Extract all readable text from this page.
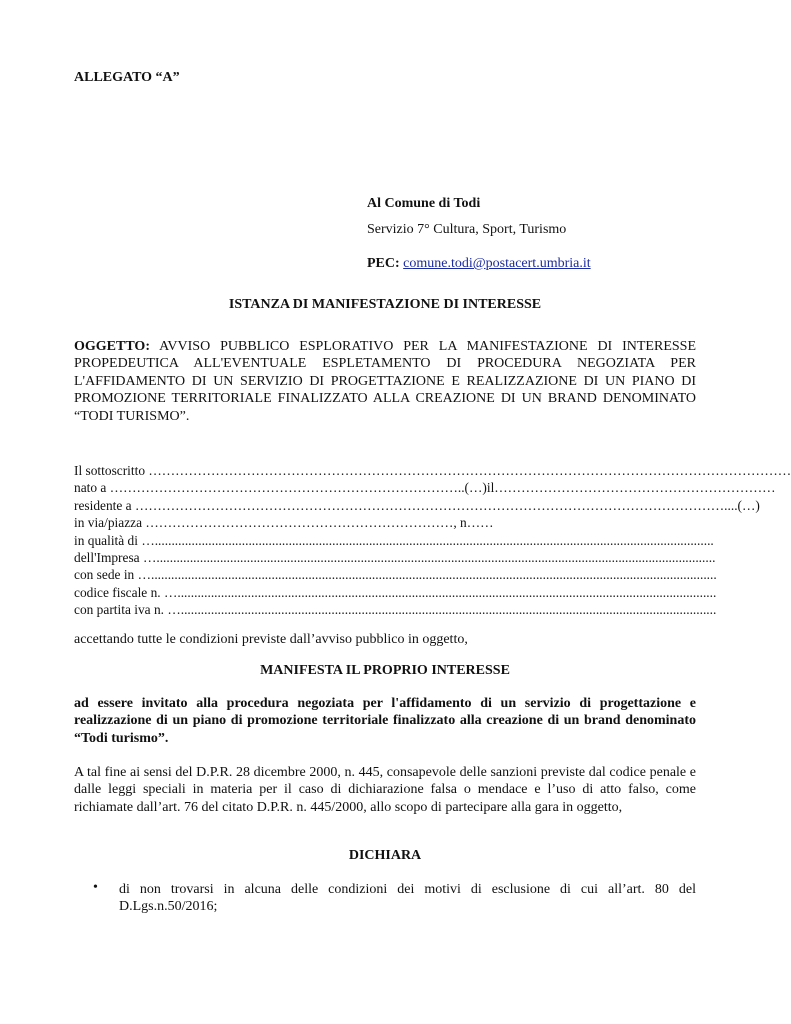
ALLEGATO “A”

Al Comune di Todi

Servizio 7° Cultura, Sport, Turismo

PEC: comune.todi@postacert.umbria.it

ISTANZA DI MANIFESTAZIONE DI INTERESSE

OGGETTO: AVVISO PUBBLICO ESPLORATIVO PER LA MANIFESTAZIONE DI INTERESSE PROPEDEUTICA ALL'EVENTUALE ESPLETAMENTO DI PROCEDURA NEGOZIATA PER L'AFFIDAMENTO DI UN SERVIZIO DI PROGETTAZIONE E REALIZZAZIONE DI UN PIANO DI PROMOZIONE TERRITORIALE FINALIZZATO ALLA CREAZIONE DI UN BRAND DENOMINATO “TODI TURISMO”.

Il sottoscritto ………………………………………………………………………………………………………………………………
nato a ……………………………………………………………………..(…)il………………………………………………………
residente a ……………………………………………………………………………………………………………………....(…)
in via/piazza ……………………………………………………………, n……
in qualità di ….......................................................................................................................................................................
dell'Impresa ….......................................................................................................................................................................
con sede in ….........................................................................................................................................................................
codice fiscale n. ….................................................................................................................................................................
con partita iva n. …................................................................................................................................................................

accettando tutte le condizioni previste dall’avviso pubblico in oggetto,

MANIFESTA IL PROPRIO INTERESSE

ad essere invitato alla procedura negoziata per l'affidamento di un servizio di progettazione e realizzazione di un piano di promozione territoriale finalizzato alla creazione di un brand denominato “Todi turismo”.

A tal fine ai sensi del D.P.R. 28 dicembre 2000, n. 445, consapevole delle sanzioni previste dal codice penale e dalle leggi speciali in materia per il caso di dichiarazione falsa o mendace e l’uso di atto falso, come richiamate dall’art. 76 del citato D.P.R. n. 445/2000, allo scopo di partecipare alla gara in oggetto,

DICHIARA

• di non trovarsi in alcuna delle condizioni dei motivi di esclusione di cui all’art. 80 del D.Lgs.n.50/2016;
